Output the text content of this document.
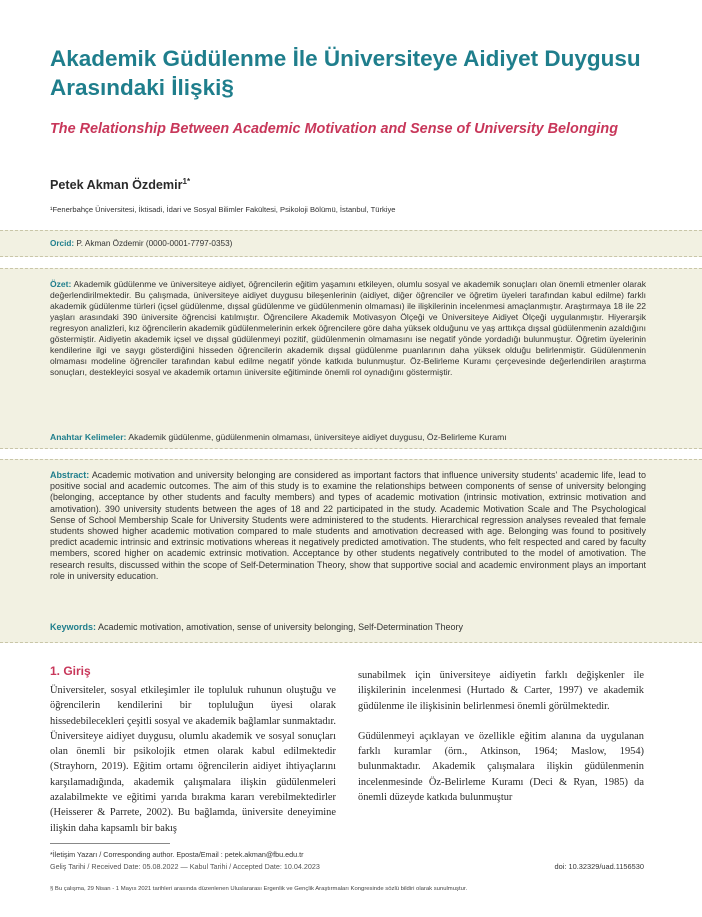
Akademik Güdülenme İle Üniversiteye Aidiyet Duygusu Arasındaki İlişki§
The Relationship Between Academic Motivation and Sense of University Belonging
Petek Akman Özdemir$^{1*}$
¹Fenerbahçe Üniversitesi, İktisadi, İdari ve Sosyal Bilimler Fakültesi, Psikoloji Bölümü, İstanbul, Türkiye
Orcid: P. Akman Özdemir (0000-0001-7797-0353)
Özet: Akademik güdülenme ve üniversiteye aidiyet, öğrencilerin eğitim yaşamını etkileyen, olumlu sosyal ve akademik sonuçları olan önemli etmenler olarak değerlendirilmektedir. Bu çalışmada, üniversiteye aidiyet duygusu bileşenlerinin (aidiyet, diğer öğrenciler ve öğretim üyeleri tarafından kabul edilme) farklı akademik güdülenme türleri (içsel güdülenme, dışsal güdülenme ve güdülenmenin olmaması) ile ilişkilerinin incelenmesi amaçlanmıştır. Araştırmaya 18 ile 22 yaşları arasındaki 390 üniversite öğrencisi katılmıştır. Öğrencilere Akademik Motivasyon Ölçeği ve Üniversiteye Aidiyet Ölçeği uygulanmıştır. Hiyerarşik regresyon analizleri, kız öğrencilerin akademik güdülenmelerinin erkek öğrencilere göre daha yüksek olduğunu ve yaş arttıkça dışsal güdülenmenin azaldığını göstermiştir. Aidiyetin akademik içsel ve dışsal güdülenmeyi pozitif, güdülenmenin olmamasını ise negatif yönde yordadığı bulunmuştur. Öğretim üyelerinin kendilerine ilgi ve saygı gösterdiğini hisseden öğrencilerin akademik dışsal güdülenme puanlarının daha yüksek olduğu belirlenmiştir. Güdülenmenin olmaması modeline öğrenciler tarafından kabul edilme negatif yönde katkıda bulunmuştur. Öz-Belirleme Kuramı çerçevesinde değerlendirilen araştırma sonuçları, destekleyici sosyal ve akademik ortamın üniversite eğitiminde önemli rol oynadığını göstermiştir.
Anahtar Kelimeler: Akademik güdülenme, güdülenmenin olmaması, üniversiteye aidiyet duygusu, Öz-Belirleme Kuramı
Abstract: Academic motivation and university belonging are considered as important factors that influence university students' academic life, lead to positive social and academic outcomes. The aim of this study is to examine the relationships between components of sense of university belonging (belonging, acceptance by other students and faculty members) and types of academic motivation (intrinsic motivation, extrinsic motivation and amotivation). 390 university students between the ages of 18 and 22 participated in the study. Academic Motivation Scale and The Psychological Sense of School Membership Scale for University Students were administered to the students. Hierarchical regression analyses revealed that female students showed higher academic motivation compared to male students and amotivation decreased with age. Belonging was found to positively predict academic intrinsic and extrinsic motivations whereas it negatively predicted amotivation. The students, who felt respected and cared by faculty members, scored higher on academic extrinsic motivation. Acceptance by other students negatively contributed to the model of amotivation. The research results, discussed within the scope of Self-Determination Theory, show that supportive social and academic environment plays an important role in university education.
Keywords: Academic motivation, amotivation, sense of university belonging, Self-Determination Theory
1. Giriş

Üniversiteler, sosyal etkileşimler ile topluluk ruhunun oluştuğu ve öğrencilerin kendilerini bir topluluğun üyesi olarak hissedebilecekleri çeşitli sosyal ve akademik bağlamlar sunmaktadır. Üniversiteye aidiyet duygusu, olumlu akademik ve sosyal sonuçları olan önemli bir psikolojik etmen olarak kabul edilmektedir (Strayhorn, 2019). Eğitim ortamı öğrencilerin aidiyet ihtiyaçlarını karşılamadığında, akademik çalışmalara ilişkin güdülenmeleri azalabilmekte ve eğitimi yarıda bırakma kararı verebilmektedirler (Heisserer & Parrete, 2002). Bu bağlamda, üniversite deneyimine ilişkin daha kapsamlı bir bakış

sunabilmek için üniversiteye aidiyetin farklı değişkenler ile ilişkilerinin incelenmesi (Hurtado & Carter, 1997) ve akademik güdülenme ile ilişkisinin belirlenmesi önemli görülmektedir.

Güdülenmeyi açıklayan ve özellikle eğitim alanına da uygulanan farklı kuramlar (örn., Atkinson, 1964; Maslow, 1954) bulunmaktadır. Akademik çalışmalara ilişkin güdülenmenin incelenmesinde Öz-Belirleme Kuramı (Deci & Ryan, 1985) da önemli düzeyde katkıda bulunmuştur

*İletişim Yazarı / Corresponding author. Eposta/Email : petek.akman@fbu.edu.tr
Geliş Tarihi / Received Date: 05.08.2022 — Kabul Tarihi / Accepted Date: 10.04.2023	doi: 10.32329/uad.1156530
§ Bu çalışma, 29 Nisan - 1 Mayıs 2021 tarihleri arasında düzenlenen Uluslararası Ergenlik ve Gençlik Araştırmaları Kongresinde sözlü bildiri olarak sunulmuştur.
